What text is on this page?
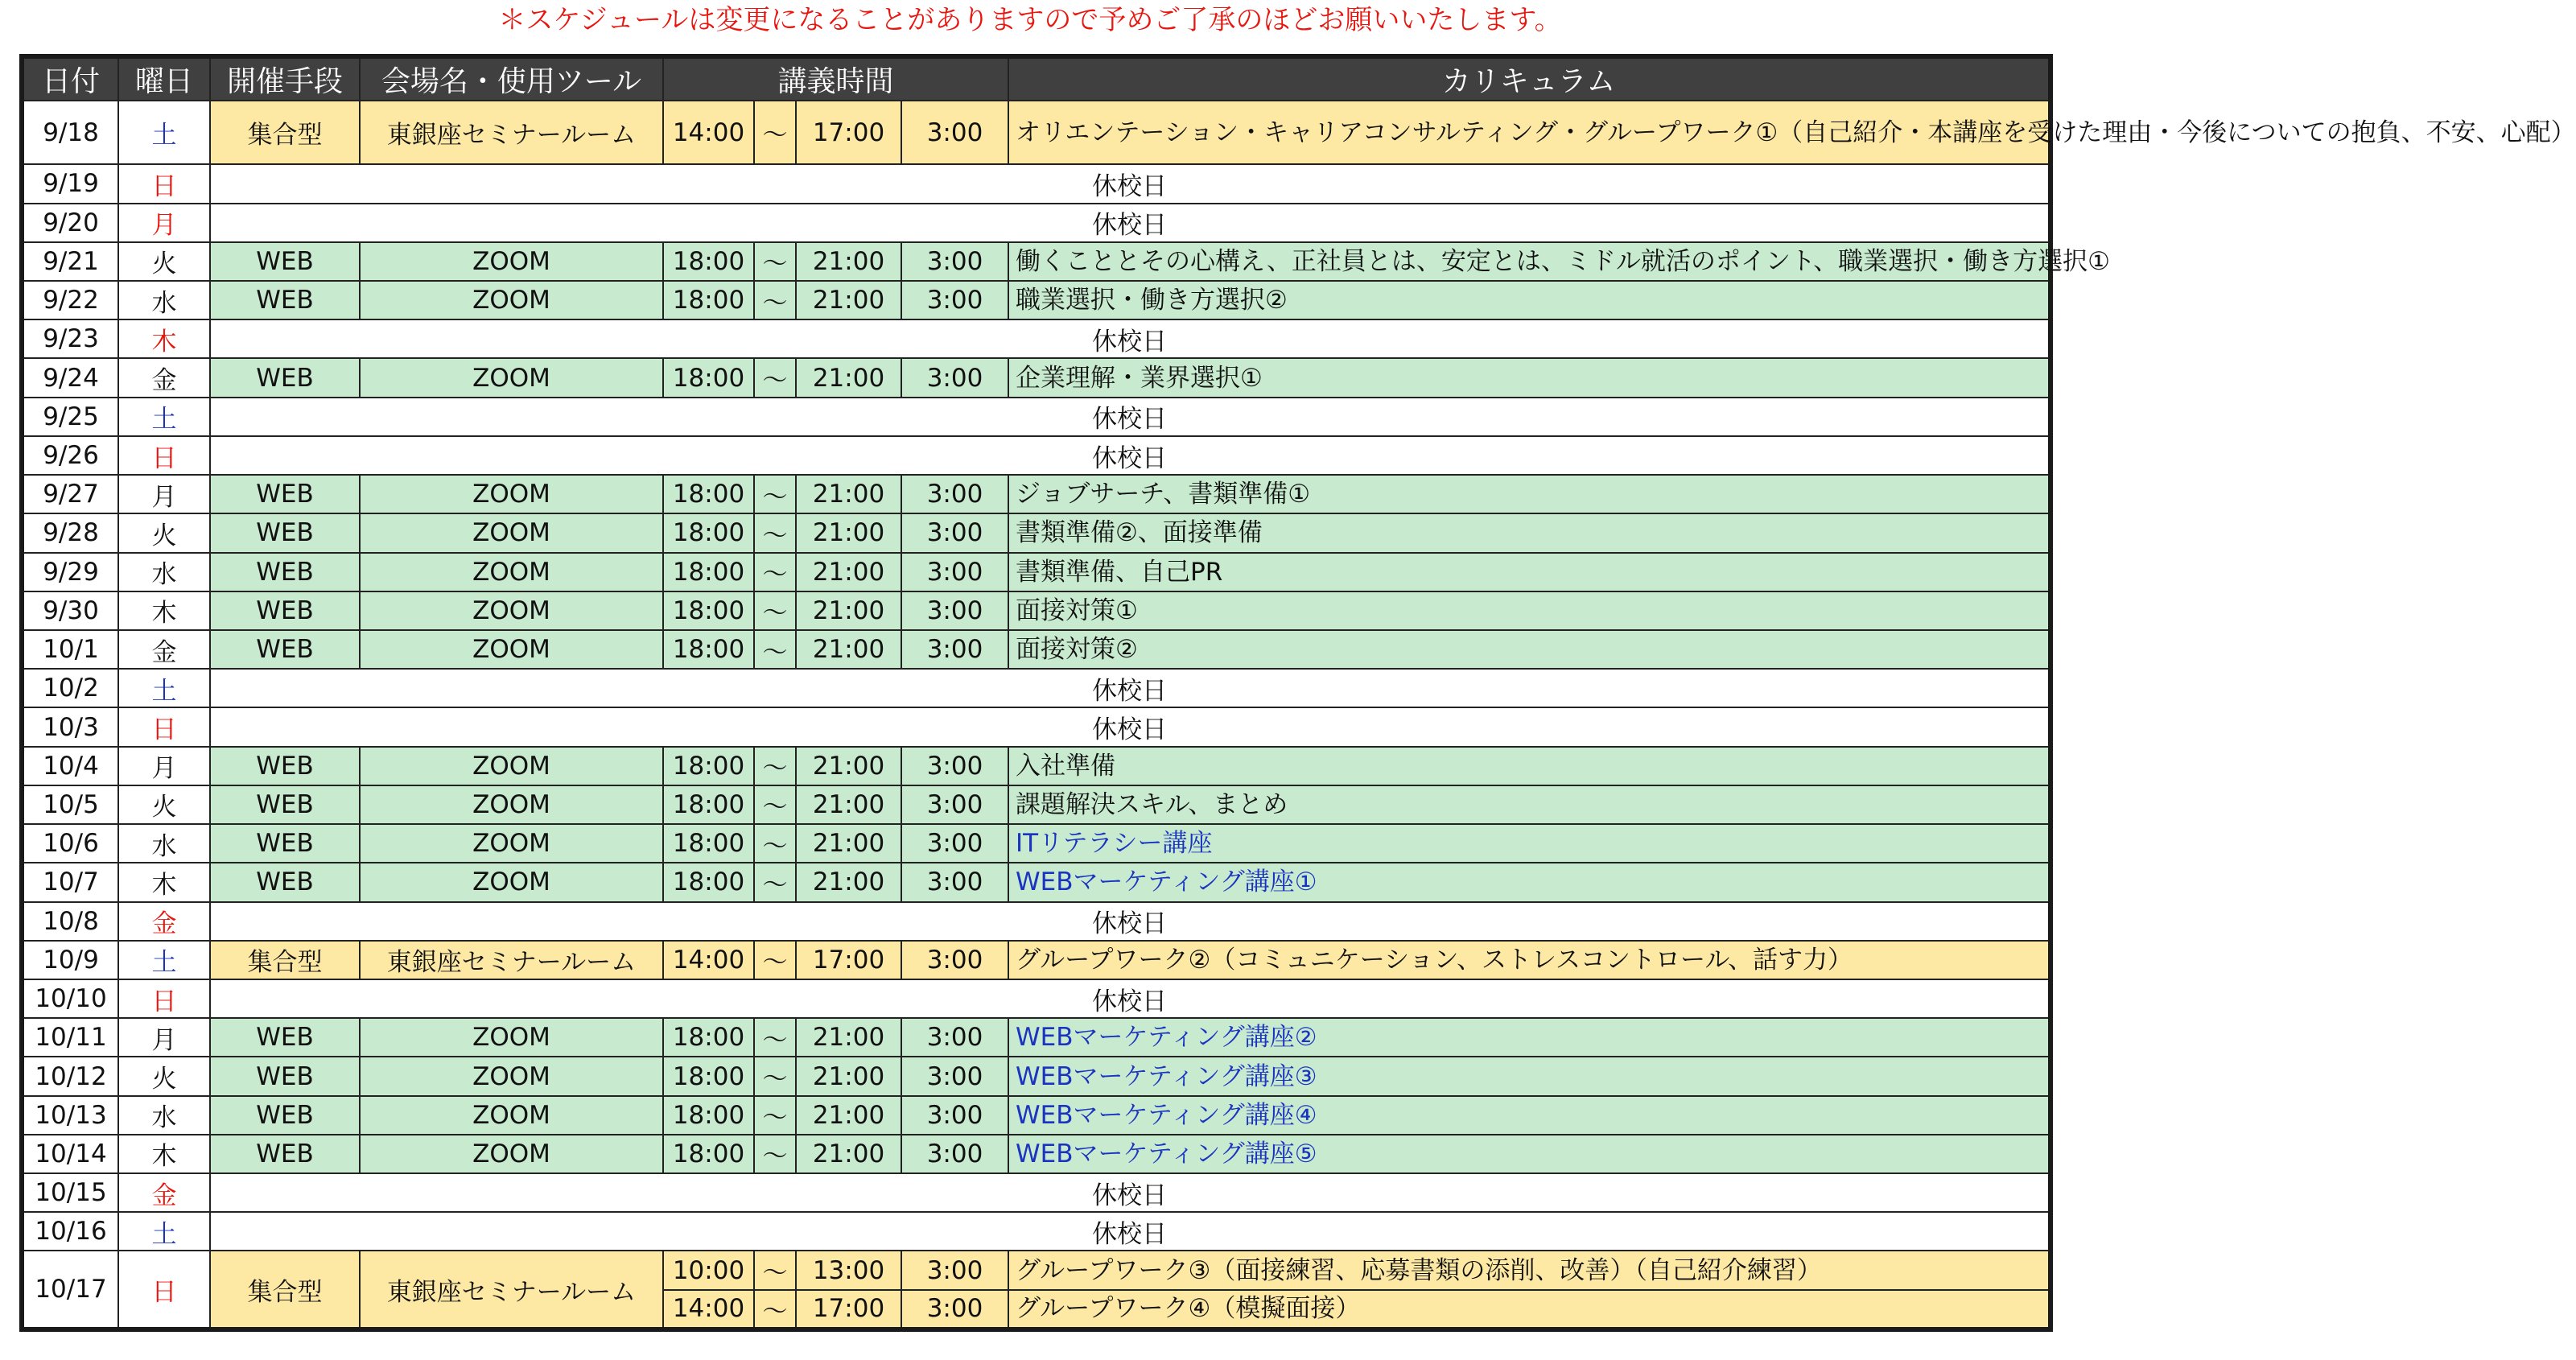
＊スケジュールは変更になることがありますので予めご了承のほどお願いいたします。
日付	曜日	開催手段	会場名・使用ツール	講義時間				カリキュラム
9/18	土	集合型	東銀座セミナールーム	14:00	～	17:00	3:00	オリエンテーション・キャリアコンサルティング・グループワーク①（自己紹介・本講座を受けた理由・今後についての抱負、不安、心配）
9/19	日	休校日						
9/20	月	休校日						
9/21	火	WEB	ZOOM	18:00	～	21:00	3:00	働くこととその心構え、正社員とは、安定とは、ミドル就活のポイント、職業選択・働き方選択①
9/22	水	WEB	ZOOM	18:00	～	21:00	3:00	職業選択・働き方選択②
9/23	木	休校日						
9/24	金	WEB	ZOOM	18:00	～	21:00	3:00	企業理解・業界選択①
9/25	土	休校日						
9/26	日	休校日						
9/27	月	WEB	ZOOM	18:00	～	21:00	3:00	ジョブサーチ、書類準備①
9/28	火	WEB	ZOOM	18:00	～	21:00	3:00	書類準備②、面接準備
9/29	水	WEB	ZOOM	18:00	～	21:00	3:00	書類準備、自己PR
9/30	木	WEB	ZOOM	18:00	～	21:00	3:00	面接対策①
10/1	金	WEB	ZOOM	18:00	～	21:00	3:00	面接対策②
10/2	土	休校日						
10/3	日	休校日						
10/4	月	WEB	ZOOM	18:00	～	21:00	3:00	入社準備
10/5	火	WEB	ZOOM	18:00	～	21:00	3:00	課題解決スキル、まとめ
10/6	水	WEB	ZOOM	18:00	～	21:00	3:00	ITリテラシー講座
10/7	木	WEB	ZOOM	18:00	～	21:00	3:00	WEBマーケティング講座①
10/8	金	休校日						
10/9	土	集合型	東銀座セミナールーム	14:00	～	17:00	3:00	グループワーク②（コミュニケーション、ストレスコントロール、話す力）
10/10	日	休校日						
10/11	月	WEB	ZOOM	18:00	～	21:00	3:00	WEBマーケティング講座②
10/12	火	WEB	ZOOM	18:00	～	21:00	3:00	WEBマーケティング講座③
10/13	水	WEB	ZOOM	18:00	～	21:00	3:00	WEBマーケティング講座④
10/14	木	WEB	ZOOM	18:00	～	21:00	3:00	WEBマーケティング講座⑤
10/15	金	休校日						
10/16	土	休校日						
10/17	日	集合型	東銀座セミナールーム	10:00	～	13:00	3:00	グループワーク③（面接練習、応募書類の添削、改善）（自己紹介練習）
				14:00	～	17:00	3:00	グループワーク④（模擬面接）
